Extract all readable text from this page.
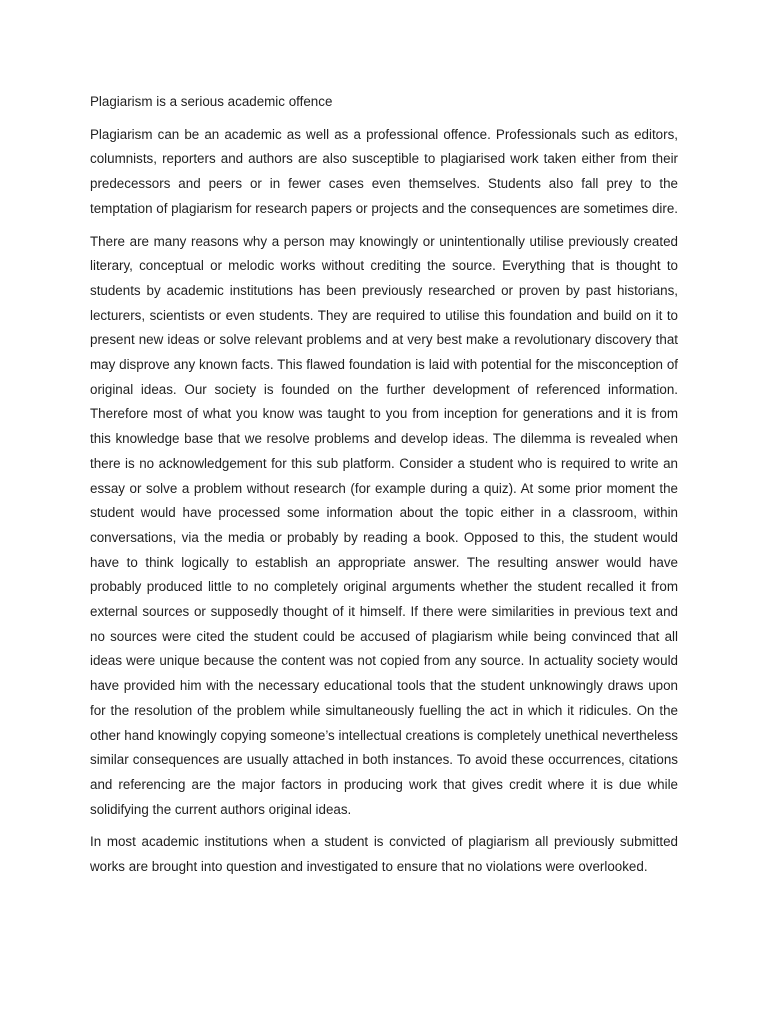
Plagiarism is a serious academic offence

Plagiarism can be an academic as well as a professional offence. Professionals such as editors, columnists, reporters and authors are also susceptible to plagiarised work taken either from their predecessors and peers or in fewer cases even themselves. Students also fall prey to the temptation of plagiarism for research papers or projects and the consequences are sometimes dire.

There are many reasons why a person may knowingly or unintentionally utilise previously created literary, conceptual or melodic works without crediting the source. Everything that is thought to students by academic institutions has been previously researched or proven by past historians, lecturers, scientists or even students. They are required to utilise this foundation and build on it to present new ideas or solve relevant problems and at very best make a revolutionary discovery that may disprove any known facts. This flawed foundation is laid with potential for the misconception of original ideas. Our society is founded on the further development of referenced information. Therefore most of what you know was taught to you from inception for generations and it is from this knowledge base that we resolve problems and develop ideas. The dilemma is revealed when there is no acknowledgement for this sub platform. Consider a student who is required to write an essay or solve a problem without research (for example during a quiz). At some prior moment the student would have processed some information about the topic either in a classroom, within conversations, via the media or probably by reading a book. Opposed to this, the student would have to think logically to establish an appropriate answer. The resulting answer would have probably produced little to no completely original arguments whether the student recalled it from external sources or supposedly thought of it himself. If there were similarities in previous text and no sources were cited the student could be accused of plagiarism while being convinced that all ideas were unique because the content was not copied from any source. In actuality society would have provided him with the necessary educational tools that the student unknowingly draws upon for the resolution of the problem while simultaneously fuelling the act in which it ridicules. On the other hand knowingly copying someone’s intellectual creations is completely unethical nevertheless similar consequences are usually attached in both instances. To avoid these occurrences, citations and referencing are the major factors in producing work that gives credit where it is due while solidifying the current authors original ideas.

In most academic institutions when a student is convicted of plagiarism all previously submitted works are brought into question and investigated to ensure that no violations were overlooked.
